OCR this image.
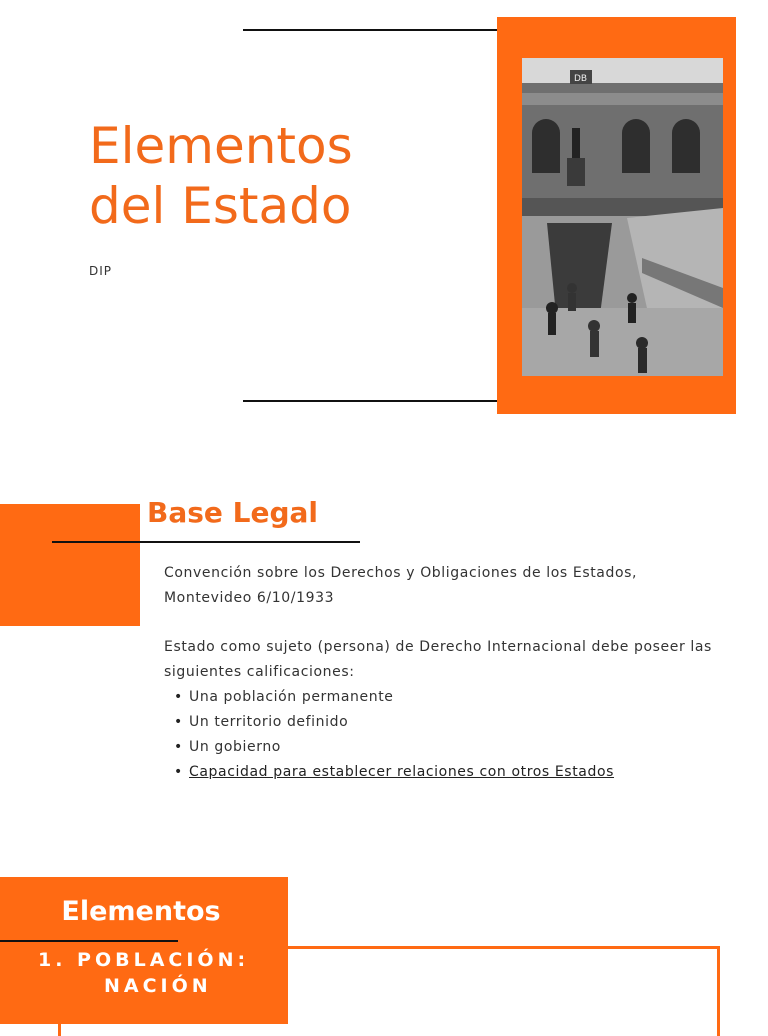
Elementos del Estado
DIP
DB
Base Legal
Convención sobre los Derechos y Obligaciones de los Estados, Montevideo 6/10/1933
Estado como sujeto (persona) de Derecho Internacional debe poseer las siguientes calificaciones:
• Una población permanente
• Un territorio definido
• Un gobierno
• Capacidad para establecer relaciones con otros Estados
Elementos
1. POBLACIÓN:
NACIÓN
